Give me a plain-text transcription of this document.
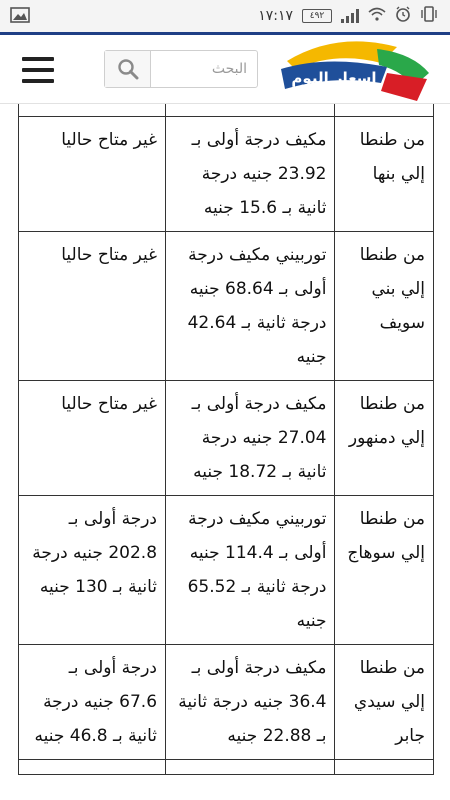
١٧:١٧	٤٩٢
البحث
اسعار اليوم

من طنطا إلي بنها	مكيف درجة أولى بـ 23.92 جنيه درجة ثانية بـ 15.6 جنيه	غير متاح حاليا
من طنطا إلي بني سويف	توربيني مكيف درجة أولى بـ 68.64 جنيه درجة ثانية بـ 42.64 جنيه	غير متاح حاليا
من طنطا إلي دمنهور	مكيف درجة أولى بـ 27.04 جنيه درجة ثانية بـ 18.72 جنيه	غير متاح حاليا
من طنطا إلي سوهاج	توربيني مكيف درجة أولى بـ 114.4 جنيه درجة ثانية بـ 65.52 جنيه	درجة أولى بـ 202.8 جنيه درجة ثانية بـ 130 جنيه
من طنطا إلي سيدي جابر	مكيف درجة أولى بـ 36.4 جنيه درجة ثانية بـ 22.88 جنيه	درجة أولى بـ 67.6 جنيه درجة ثانية بـ 46.8 جنيه
